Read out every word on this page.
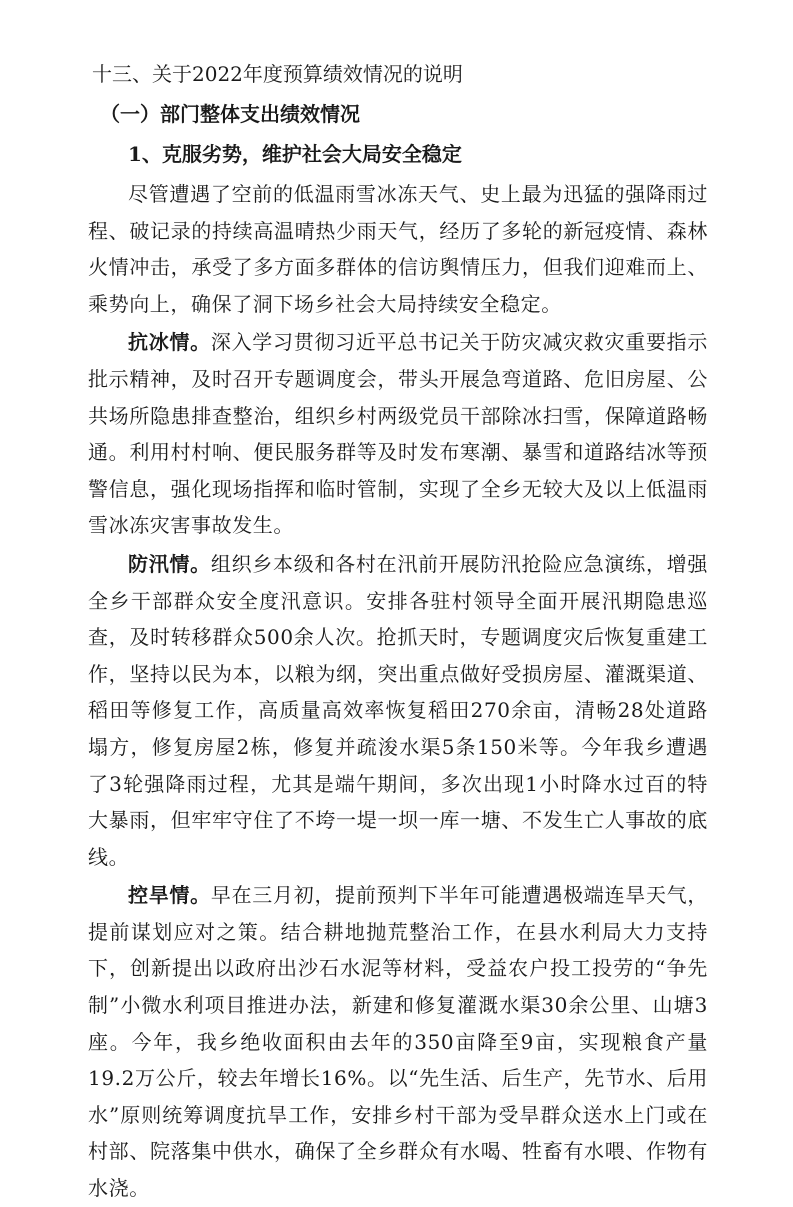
十三、关于2022年度预算绩效情况的说明
（一）部门整体支出绩效情况
1、克服劣势，维护社会大局安全稳定

尽管遭遇了空前的低温雨雪冰冻天气、史上最为迅猛的强降雨过程、破记录的持续高温晴热少雨天气，经历了多轮的新冠疫情、森林火情冲击，承受了多方面多群体的信访舆情压力，但我们迎难而上、乘势向上，确保了洞下场乡社会大局持续安全稳定。

抗冰情。深入学习贯彻习近平总书记关于防灾减灾救灾重要指示批示精神，及时召开专题调度会，带头开展急弯道路、危旧房屋、公共场所隐患排查整治，组织乡村两级党员干部除冰扫雪，保障道路畅通。利用村村响、便民服务群等及时发布寒潮、暴雪和道路结冰等预警信息，强化现场指挥和临时管制，实现了全乡无较大及以上低温雨雪冰冻灾害事故发生。

防汛情。组织乡本级和各村在汛前开展防汛抢险应急演练，增强全乡干部群众安全度汛意识。安排各驻村领导全面开展汛期隐患巡查，及时转移群众500余人次。抢抓天时，专题调度灾后恢复重建工作，坚持以民为本，以粮为纲，突出重点做好受损房屋、灌溉渠道、稻田等修复工作，高质量高效率恢复稻田270余亩，清畅28处道路塌方，修复房屋2栋，修复并疏浚水渠5条150米等。今年我乡遭遇了3轮强降雨过程，尤其是端午期间，多次出现1小时降水过百的特大暴雨，但牢牢守住了不垮一堤一坝一库一塘、不发生亡人事故的底线。

控旱情。早在三月初，提前预判下半年可能遭遇极端连旱天气，提前谋划应对之策。结合耕地抛荒整治工作，在县水利局大力支持下，创新提出以政府出沙石水泥等材料，受益农户投工投劳的“争先制”小微水利项目推进办法，新建和修复灌溉水渠30余公里、山塘3座。今年，我乡绝收面积由去年的350亩降至9亩，实现粮食产量19.2万公斤，较去年增长16%。以“先生活、后生产，先节水、后用水”原则统筹调度抗旱工作，安排乡村干部为受旱群众送水上门或在村部、院落集中供水，确保了全乡群众有水喝、牲畜有水喂、作物有水浇。
